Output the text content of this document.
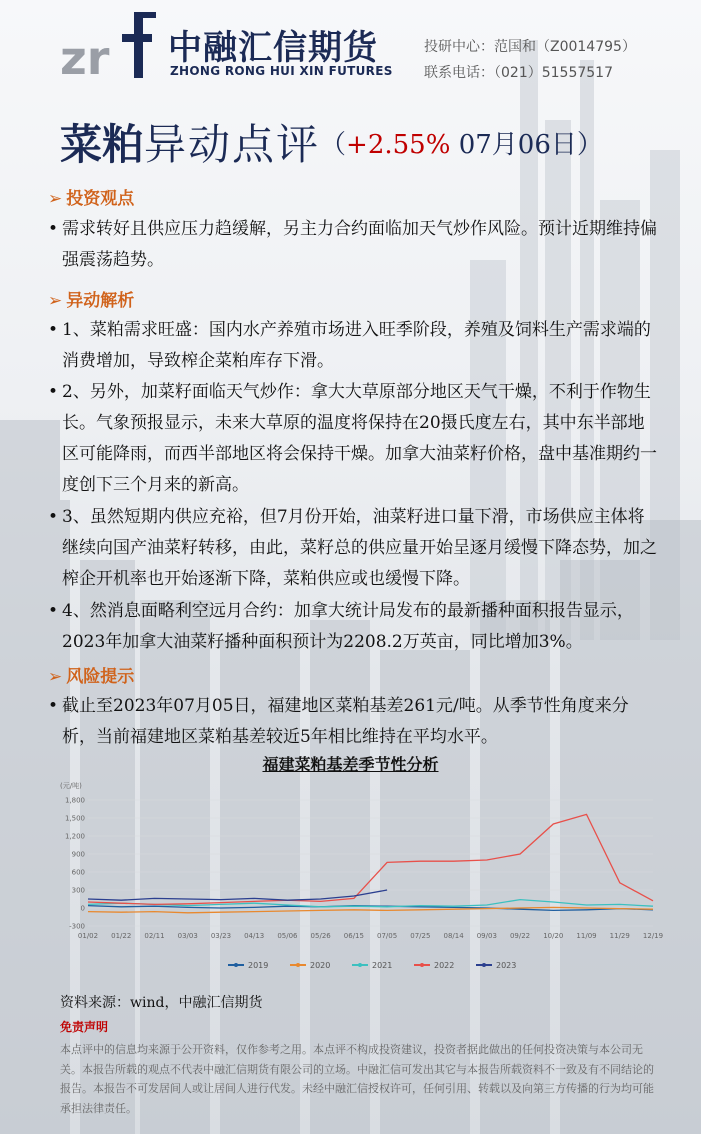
zr 中融汇信期货
ZHONG RONG HUI XIN FUTURES
投研中心：范国和（Z0014795）
联系电话：（021）51557517
菜粕异动点评（+2.55% 07月06日）
➢ 投资观点
• 需求转好且供应压力趋缓解，另主力合约面临加天气炒作风险。预计近期维持偏强震荡趋势。
➢ 异动解析
• 1、菜粕需求旺盛：国内水产养殖市场进入旺季阶段，养殖及饲料生产需求端的消费增加，导致榨企菜粕库存下滑。
• 2、另外，加菜籽面临天气炒作：拿大大草原部分地区天气干燥，不利于作物生长。气象预报显示，未来大草原的温度将保持在20摄氏度左右，其中东半部地区可能降雨，而西半部地区将会保持干燥。加拿大油菜籽价格，盘中基准期约一度创下三个月来的新高。
• 3、虽然短期内供应充裕，但7月份开始，油菜籽进口量下滑，市场供应主体将继续向国产油菜籽转移，由此，菜籽总的供应量开始呈逐月缓慢下降态势，加之榨企开机率也开始逐渐下降，菜粕供应或也缓慢下降。
• 4、然消息面略利空远月合约：加拿大统计局发布的最新播种面积报告显示，2023年加拿大油菜籽播种面积预计为2208.2万英亩，同比增加3%。
➢ 风险提示
• 截止至2023年07月05日，福建地区菜粕基差261元/吨。从季节性角度来分析，当前福建地区菜粕基差较近5年相比维持在平均水平。
福建菜粕基差季节性分析
(元/吨)
1,800
1,500
1,200
900
600
300
0
-300
01/02 01/22 02/11 03/03 03/23 04/13 05/06 05/26 06/15 07/05 07/25 08/14 09/03 09/22 10/20 11/09 11/29 12/19
2019	2020	2021	2022	2023
资料来源：wind，中融汇信期货
免责声明
本点评中的信息均来源于公开资料，仅作参考之用。本点评不构成投资建议，投资者据此做出的任何投资决策与本公司无关。本报告所载的观点不代表中融汇信期货有限公司的立场。中融汇信可发出其它与本报告所载资料不一致及有不同结论的报告。本报告不可发居间人或让居间人进行代发。未经中融汇信授权许可，任何引用、转载以及向第三方传播的行为均可能承担法律责任。
